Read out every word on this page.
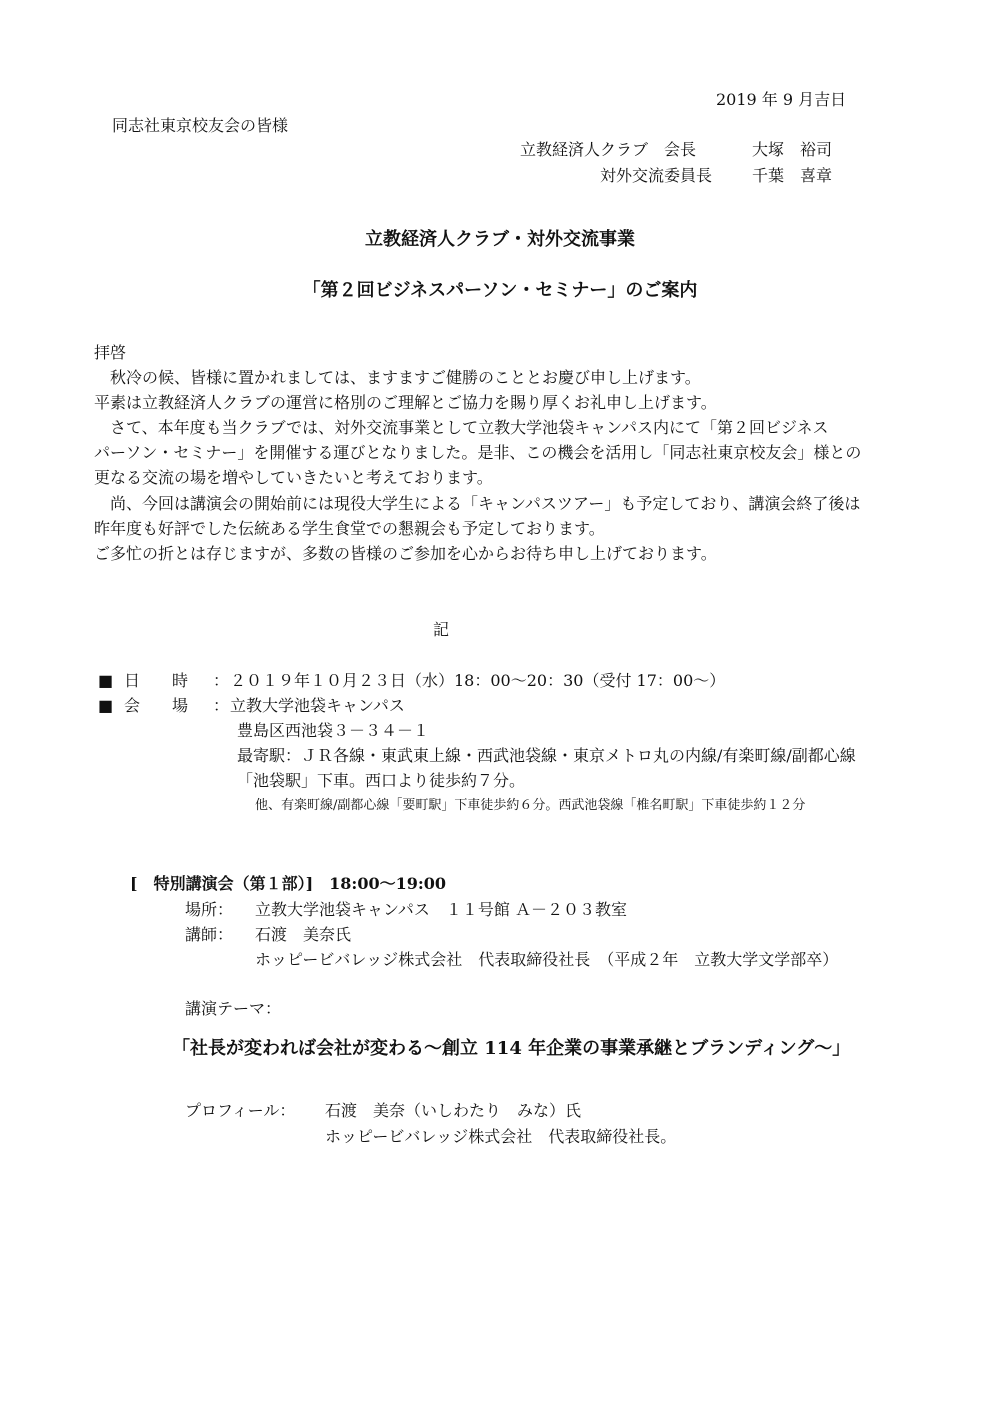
2019 年 9 月吉日
同志社東京校友会の皆様
立教経済人クラブ　会長	大塚　裕司
対外交流委員長 千葉　喜章
立教経済人クラブ・対外交流事業
「第２回ビジネスパーソン・セミナー」のご案内
拝啓
　秋冷の候、皆様に置かれましては、ますますご健勝のこととお慶び申し上げます。
平素は立教経済人クラブの運営に格別のご理解とご協力を賜り厚くお礼申し上げます。
　さて、本年度も当クラブでは、対外交流事業として立教大学池袋キャンパス内にて「第２回ビジネス
パーソン・セミナー」を開催する運びとなりました。是非、この機会を活用し「同志社東京校友会」様との
更なる交流の場を増やしていきたいと考えております。
　尚、今回は講演会の開始前には現役大学生による「キャンパスツアー」も予定しており、講演会終了後は
昨年度も好評でした伝統ある学生食堂での懇親会も予定しております。
ご多忙の折とは存じますが、多数の皆様のご参加を心からお待ち申し上げております。
記
■ 日　　時 ： ２０１９年１０月２３日（水）18：00～20：30（受付 17：00～）
■ 会　　場 ： 立教大学池袋キャンパス
豊島区西池袋３－３４－１
最寄駅：ＪＲ各線・東武東上線・西武池袋線・東京メトロ丸の内線/有楽町線/副都心線
「池袋駅」下車。西口より徒歩約７分。
他、有楽町線/副都心線「要町駅」下車徒歩約６分。西武池袋線「椎名町駅」下車徒歩約１２分
[　特別講演会（第１部）]　18:00～19:00
場所： 立教大学池袋キャンパス　１１号館 Ａ－２０３教室
講師： 石渡　美奈氏
ホッピービバレッジ株式会社　代表取締役社長　（平成２年　立教大学文学部卒）
講演テーマ：
「社長が変われば会社が変わる～創立 114 年企業の事業承継とブランディング～」
プロフィール： 石渡　美奈（いしわたり　みな）氏
ホッピービバレッジ株式会社　代表取締役社長。
